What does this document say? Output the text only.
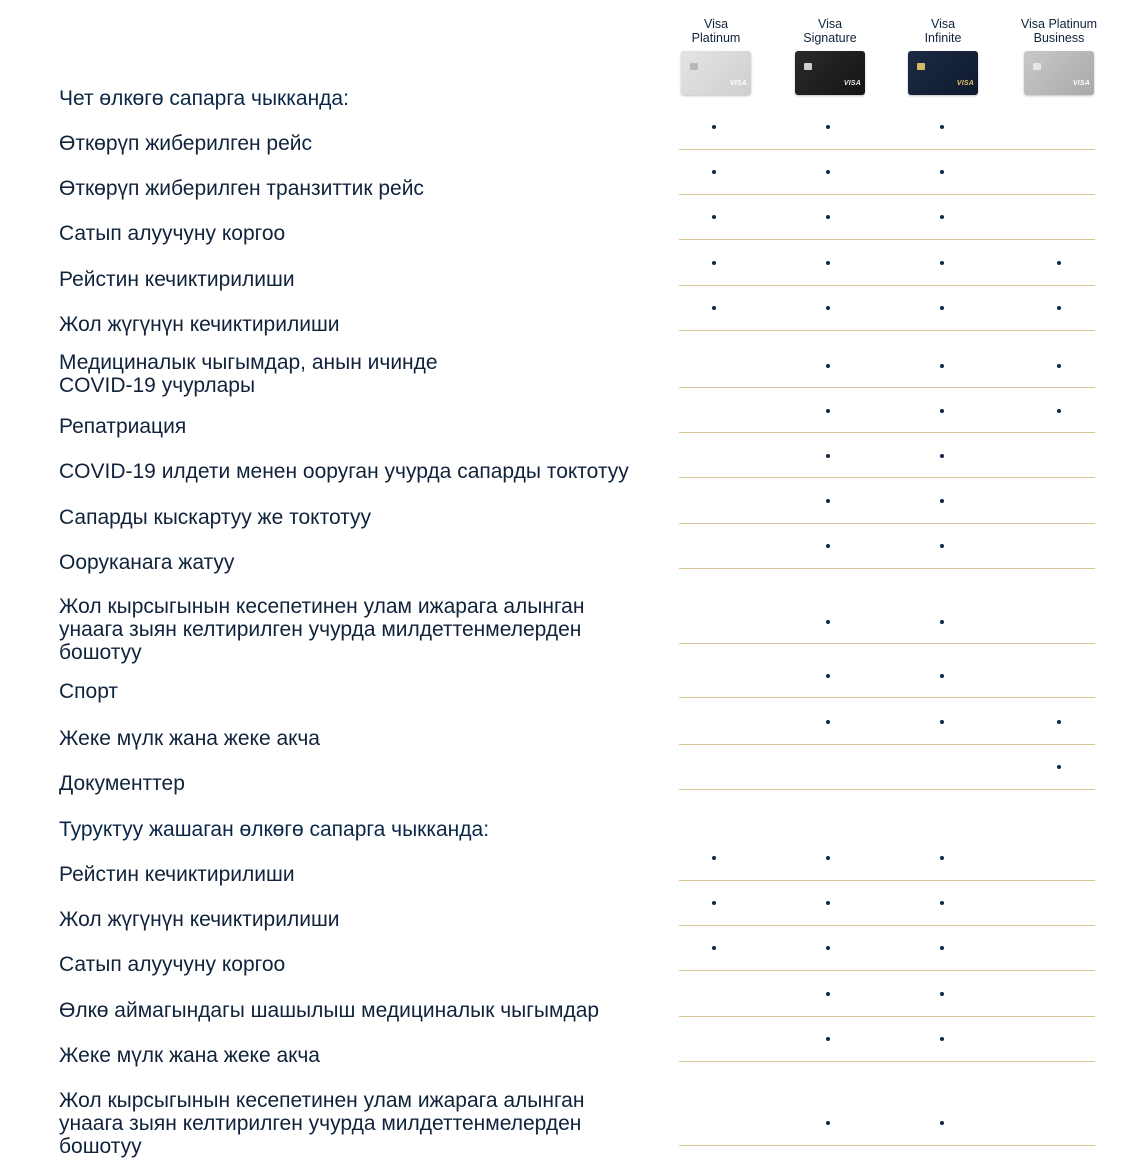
Visa
Platinum
VISA
Visa
Signature
VISA
Visa
Infinite
VISA
Visa Platinum
Business
VISA
Чет өлкөгө сапарга чыкканда:
Туруктуу жашаган өлкөгө сапарга чыкканда:
Өткөрүп жиберилген рейс
Өткөрүп жиберилген транзиттик рейс
Сатып алуучуну коргоо
Рейстин кечиктирилиши
Жол жүгүнүн кечиктирилиши
Медициналык чыгымдар, анын ичинде
COVID-19 учурлары
Репатриация
COVID-19 илдети менен ооруган учурда сапарды токтотуу
Сапарды кыскартуу же токтотуу
Ооруканага жатуу
Жол кырсыгынын кесепетинен улам ижарага алынган
унаага зыян келтирилген учурда милдеттенмелерден
бошотуу
Спорт
Жеке мүлк жана жеке акча
Документтер
Рейстин кечиктирилиши
Жол жүгүнүн кечиктирилиши
Сатып алуучуну коргоо
Өлкө аймагындагы шашылыш медициналык чыгымдар
Жеке мүлк жана жеке акча
Жол кырсыгынын кесепетинен улам ижарага алынган
унаага зыян келтирилген учурда милдеттенмелерден
бошотуу
